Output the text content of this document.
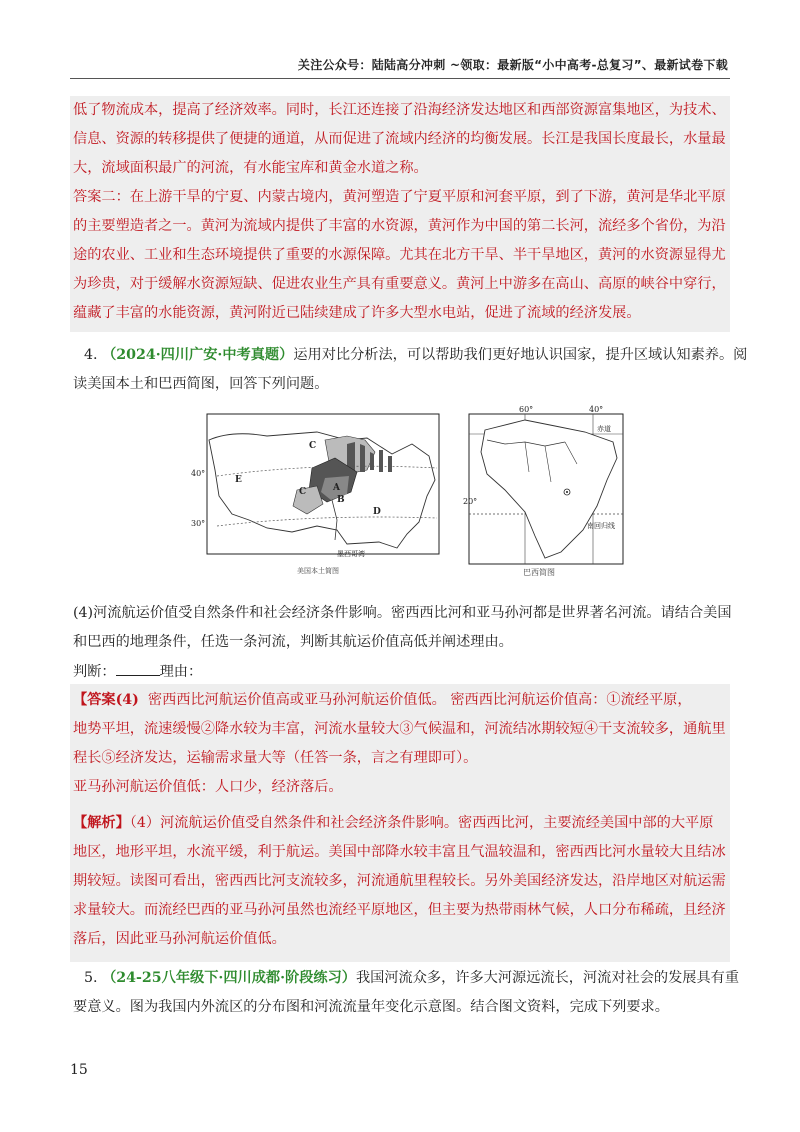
关注公众号：陆陆高分冲刺 ~领取：最新版“小中高考-总复习”、最新试卷下载
低了物流成本，提高了经济效率。同时，长江还连接了沿海经济发达地区和西部资源富集地区，为技术、
信息、资源的转移提供了便捷的通道，从而促进了流域内经济的均衡发展。长江是我国长度最长，水量最
大，流域面积最广的河流，有水能宝库和黄金水道之称。
答案二：在上游干旱的宁夏、内蒙古境内，黄河塑造了宁夏平原和河套平原，到了下游，黄河是华北平原
的主要塑造者之一。黄河为流域内提供了丰富的水资源，黄河作为中国的第二长河，流经多个省份，为沿
途的农业、工业和生态环境提供了重要的水源保障。尤其在北方干旱、半干旱地区，黄河的水资源显得尤
为珍贵，对于缓解水资源短缺、促进农业生产具有重要意义。黄河上中游多在高山、高原的峡谷中穿行，
蕴藏了丰富的水能资源，黄河附近已陆续建成了许多大型水电站，促进了流域的经济发展。
4. （2024·四川广安·中考真题）运用对比分析法，可以帮助我们更好地认识国家，提升区域认知素养。阅
读美国本土和巴西简图，回答下列问题。
40°
30°
A
B
C
C
D
E
墨西哥湾
美国本土简图
60°	40°
赤道
20°
南回归线
巴西简图
(4)河流航运价值受自然条件和社会经济条件影响。密西西比河和亚马孙河都是世界著名河流。请结合美国
和巴西的地理条件，任选一条河流，判断其航运价值高低并阐述理由。
判断：	理由：
【答案(4) 密西西比河航运价值高或亚马孙河航运价值低。 密西西比河航运价值高：①流经平原，
地势平坦，流速缓慢②降水较为丰富，河流水量较大③气候温和，河流结冰期较短④干支流较多，通航里
程长⑤经济发达，运输需求量大等（任答一条，言之有理即可）。
亚马孙河航运价值低：人口少，经济落后。
【解析】（4）河流航运价值受自然条件和社会经济条件影响。密西西比河，主要流经美国中部的大平原
地区，地形平坦，水流平缓，利于航运。美国中部降水较丰富且气温较温和，密西西比河水量较大且结冰
期较短。读图可看出，密西西比河支流较多，河流通航里程较长。另外美国经济发达，沿岸地区对航运需
求量较大。而流经巴西的亚马孙河虽然也流经平原地区，但主要为热带雨林气候，人口分布稀疏，且经济
落后，因此亚马孙河航运价值低。
5. （24-25八年级下·四川成都·阶段练习）我国河流众多，许多大河源远流长，河流对社会的发展具有重
要意义。图为我国内外流区的分布图和河流流量年变化示意图。结合图文资料，完成下列要求。
15
